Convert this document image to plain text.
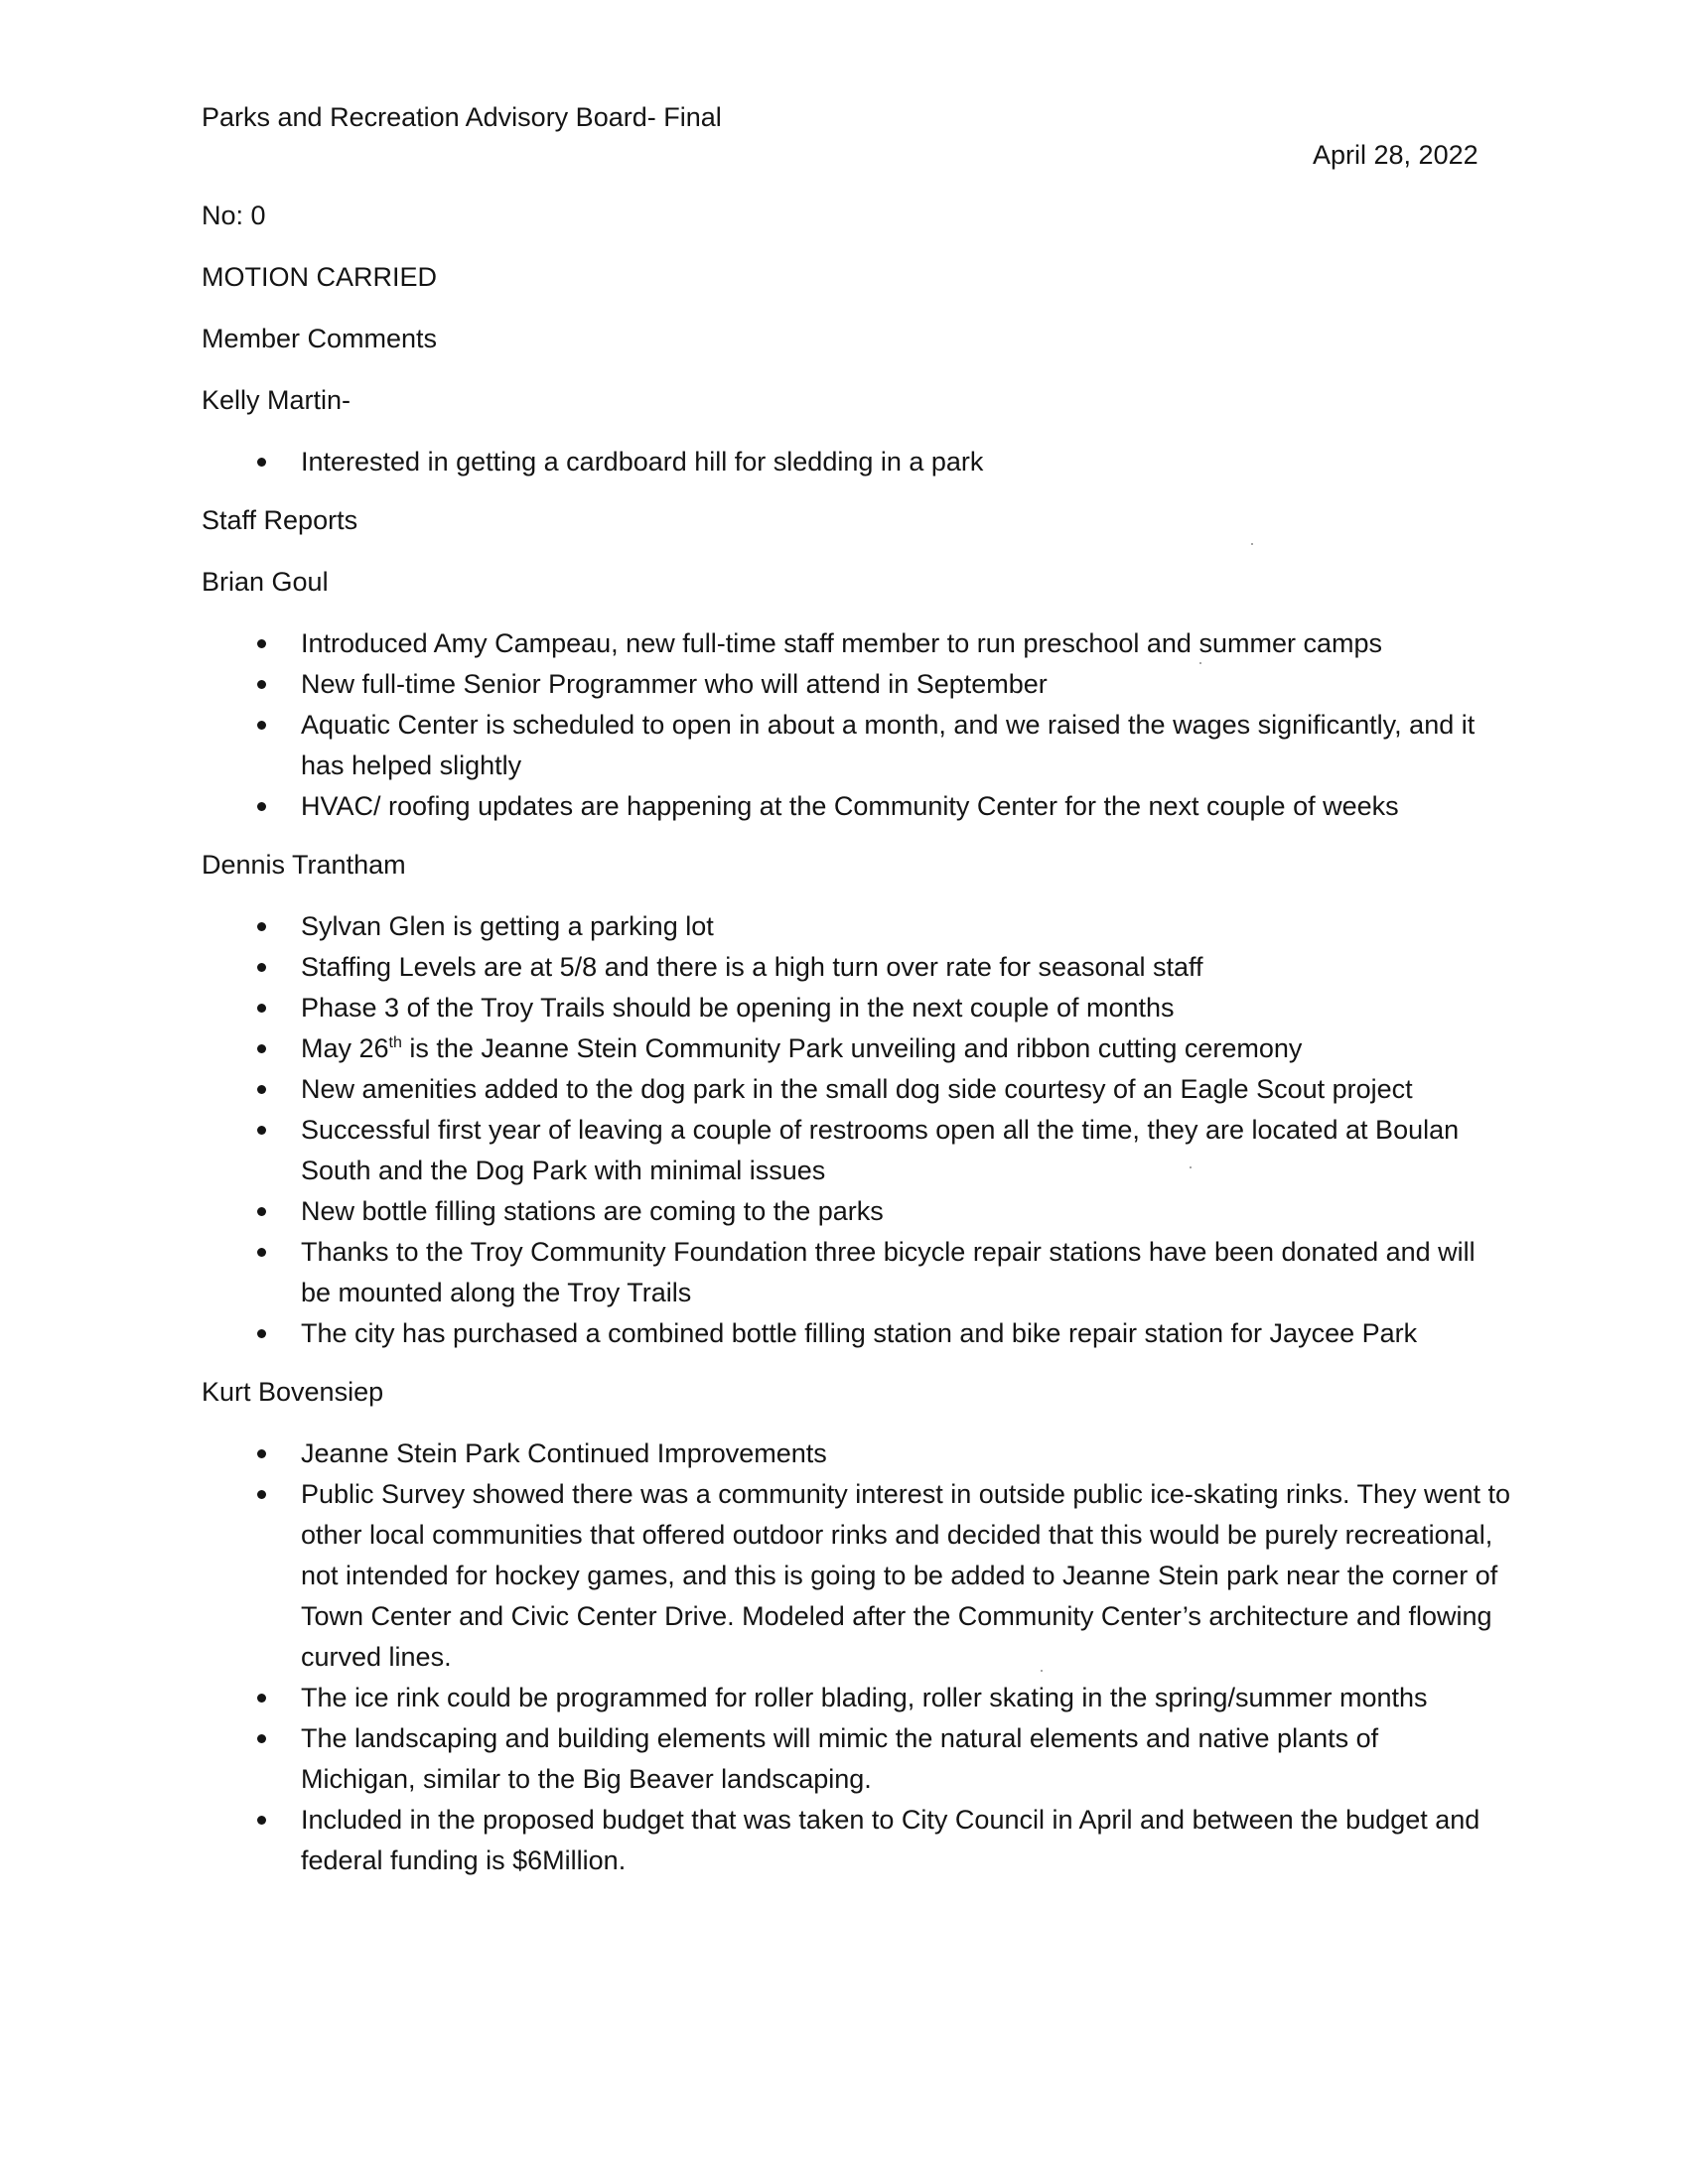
Parks and Recreation Advisory Board- Final
April 28, 2022

No: 0

MOTION CARRIED

Member Comments

Kelly Martin-

Interested in getting a cardboard hill for sledding in a park

Staff Reports

Brian Goul

Introduced Amy Campeau, new full-time staff member to run preschool and summer camps
New full-time Senior Programmer who will attend in September
Aquatic Center is scheduled to open in about a month, and we raised the wages significantly, and it has helped slightly
HVAC/ roofing updates are happening at the Community Center for the next couple of weeks

Dennis Trantham

Sylvan Glen is getting a parking lot
Staffing Levels are at 5/8 and there is a high turn over rate for seasonal staff
Phase 3 of the Troy Trails should be opening in the next couple of months
May 26th is the Jeanne Stein Community Park unveiling and ribbon cutting ceremony
New amenities added to the dog park in the small dog side courtesy of an Eagle Scout project
Successful first year of leaving a couple of restrooms open all the time, they are located at Boulan South and the Dog Park with minimal issues
New bottle filling stations are coming to the parks
Thanks to the Troy Community Foundation three bicycle repair stations have been donated and will be mounted along the Troy Trails
The city has purchased a combined bottle filling station and bike repair station for Jaycee Park

Kurt Bovensiep

Jeanne Stein Park Continued Improvements
Public Survey showed there was a community interest in outside public ice-skating rinks. They went to other local communities that offered outdoor rinks and decided that this would be purely recreational, not intended for hockey games, and this is going to be added to Jeanne Stein park near the corner of Town Center and Civic Center Drive. Modeled after the Community Center’s architecture and flowing curved lines.
The ice rink could be programmed for roller blading, roller skating in the spring/summer months
The landscaping and building elements will mimic the natural elements and native plants of Michigan, similar to the Big Beaver landscaping.
Included in the proposed budget that was taken to City Council in April and between the budget and federal funding is $6Million.
